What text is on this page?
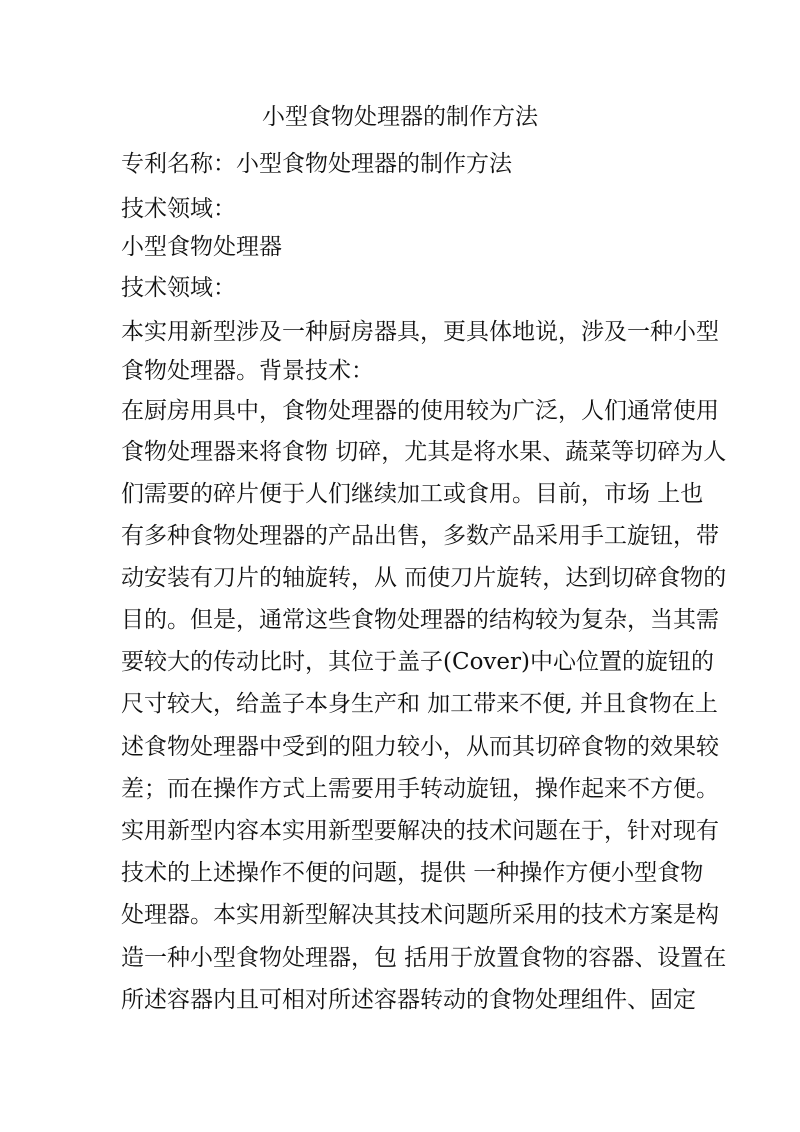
小型食物处理器的制作方法
专利名称：小型食物处理器的制作方法
技术领域：
小型食物处理器
技术领域：
本实用新型涉及一种厨房器具，更具体地说，涉及一种小型
食物处理器。背景技术：
在厨房用具中，食物处理器的使用较为广泛，人们通常使用
食物处理器来将食物 切碎，尤其是将水果、蔬菜等切碎为人
们需要的碎片便于人们继续加工或食用。目前，市场 上也
有多种食物处理器的产品出售，多数产品采用手工旋钮，带
动安装有刀片的轴旋转，从 而使刀片旋转，达到切碎食物的
目的。但是，通常这些食物处理器的结构较为复杂，当其需
要较大的传动比时，其位于盖子(Cover)中心位置的旋钮的
尺寸较大，给盖子本身生产和 加工带来不便, 并且食物在上
述食物处理器中受到的阻力较小，从而其切碎食物的效果较
差；而在操作方式上需要用手转动旋钮，操作起来不方便。
实用新型内容本实用新型要解决的技术问题在于，针对现有
技术的上述操作不便的问题，提供 一种操作方便小型食物
处理器。本实用新型解决其技术问题所采用的技术方案是构
造一种小型食物处理器，包 括用于放置食物的容器、设置在
所述容器内且可相对所述容器转动的食物处理组件、固定
